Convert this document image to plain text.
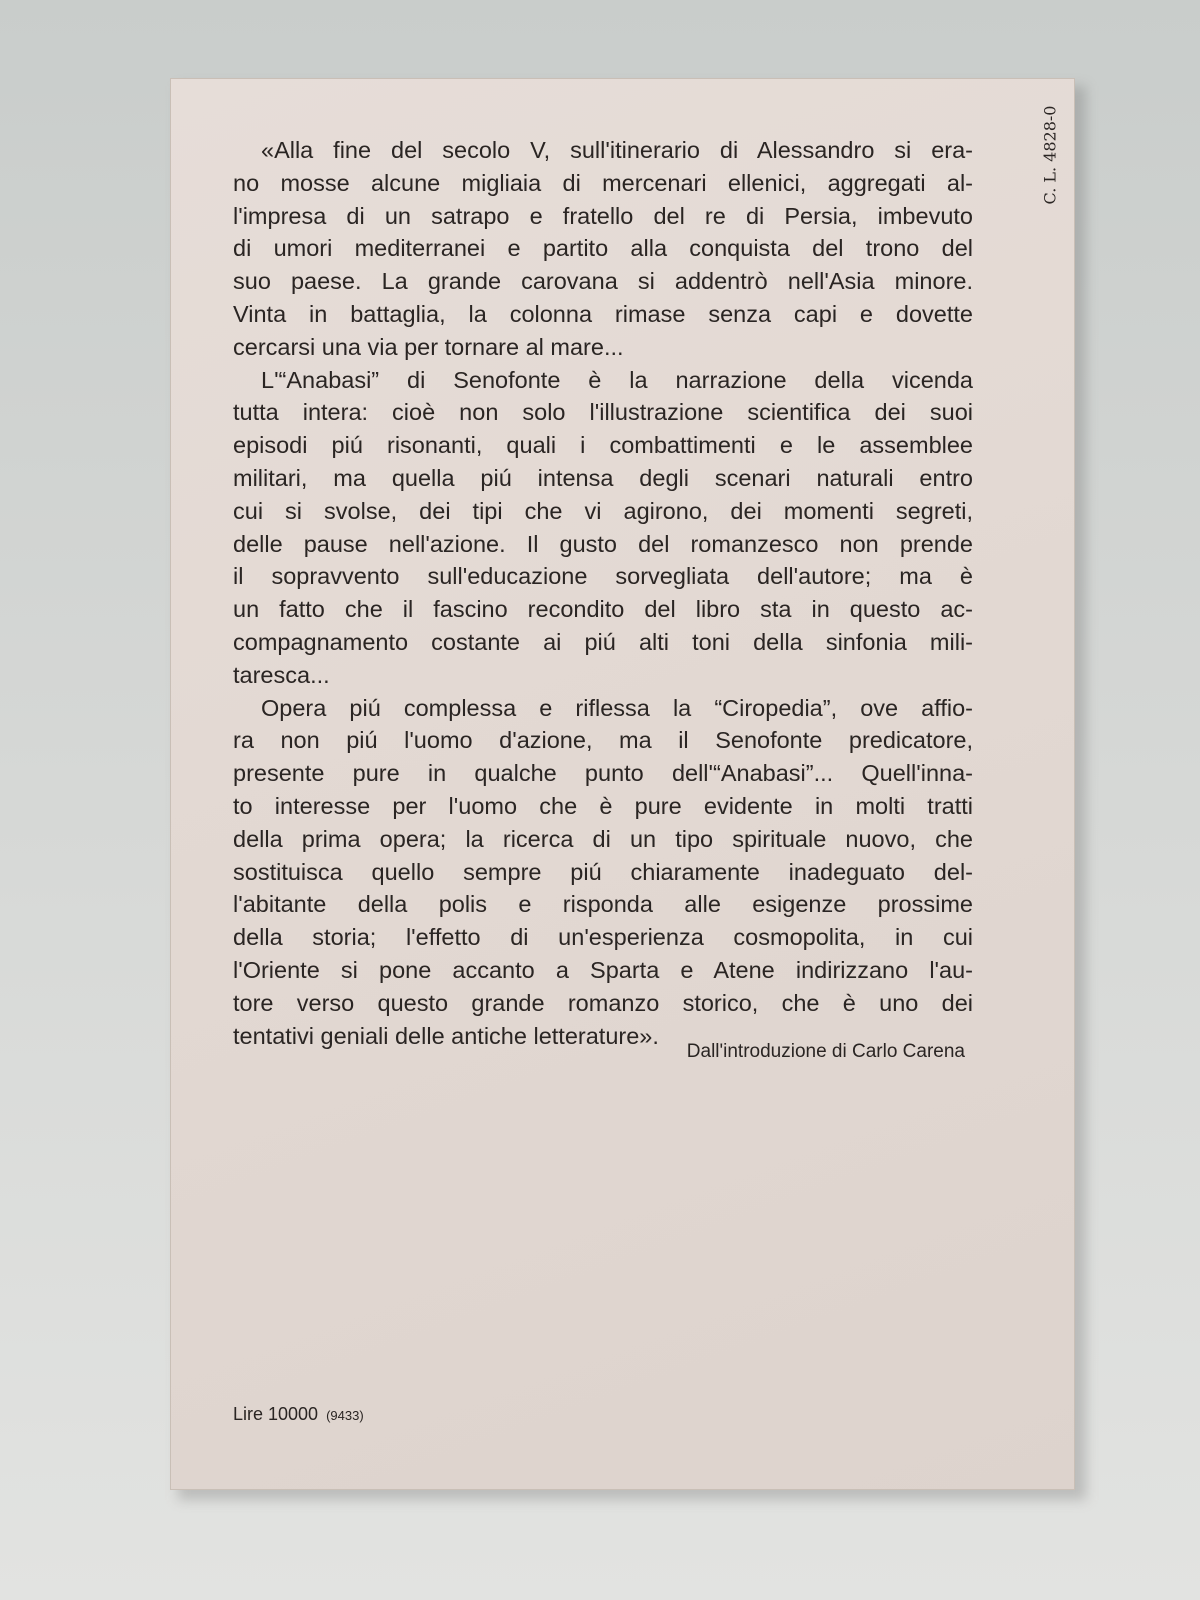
C. L. 4828-0
«Alla fine del secolo V, sull'itinerario di Alessandro si era-
no mosse alcune migliaia di mercenari ellenici, aggregati al-
l'impresa di un satrapo e fratello del re di Persia, imbevuto
di umori mediterranei e partito alla conquista del trono del
suo paese. La grande carovana si addentrò nell'Asia minore.
Vinta in battaglia, la colonna rimase senza capi e dovette
cercarsi una via per tornare al mare...
L'“Anabasi” di Senofonte è la narrazione della vicenda
tutta intera: cioè non solo l'illustrazione scientifica dei suoi
episodi piú risonanti, quali i combattimenti e le assemblee
militari, ma quella piú intensa degli scenari naturali entro
cui si svolse, dei tipi che vi agirono, dei momenti segreti,
delle pause nell'azione. Il gusto del romanzesco non prende
il sopravvento sull'educazione sorvegliata dell'autore; ma è
un fatto che il fascino recondito del libro sta in questo ac-
compagnamento costante ai piú alti toni della sinfonia mili-
taresca...
Opera piú complessa e riflessa la “Ciropedia”, ove affio-
ra non piú l'uomo d'azione, ma il Senofonte predicatore,
presente pure in qualche punto dell'“Anabasi”... Quell'inna-
to interesse per l'uomo che è pure evidente in molti tratti
della prima opera; la ricerca di un tipo spirituale nuovo, che
sostituisca quello sempre piú chiaramente inadeguato del-
l'abitante della polis e risponda alle esigenze prossime
della storia; l'effetto di un'esperienza cosmopolita, in cui
l'Oriente si pone accanto a Sparta e Atene indirizzano l'au-
tore verso questo grande romanzo storico, che è uno dei
tentativi geniali delle antiche letterature».
Dall'introduzione di Carlo Carena
Lire 10000 (9433)
